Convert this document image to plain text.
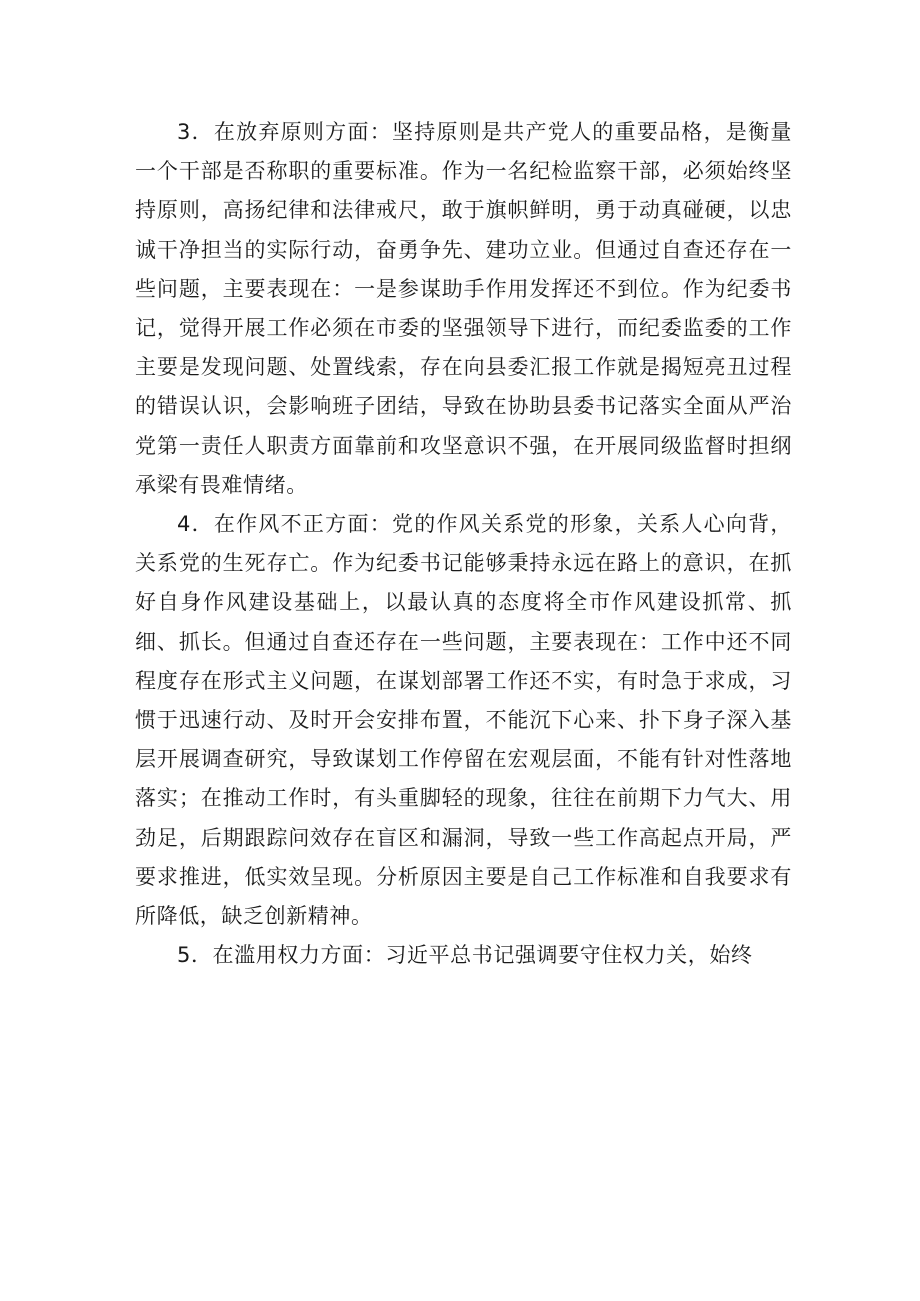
3．在放弃原则方面：坚持原则是共产党人的重要品格，是衡量一个干部是否称职的重要标准。作为一名纪检监察干部，必须始终坚持原则，高扬纪律和法律戒尺，敢于旗帜鲜明，勇于动真碰硬，以忠诚干净担当的实际行动，奋勇争先、建功立业。但通过自查还存在一些问题，主要表现在：一是参谋助手作用发挥还不到位。作为纪委书记，觉得开展工作必须在市委的坚强领导下进行，而纪委监委的工作主要是发现问题、处置线索，存在向县委汇报工作就是揭短亮丑过程的错误认识，会影响班子团结，导致在协助县委书记落实全面从严治党第一责任人职责方面靠前和攻坚意识不强，在开展同级监督时担纲承梁有畏难情绪。

4．在作风不正方面：党的作风关系党的形象，关系人心向背，关系党的生死存亡。作为纪委书记能够秉持永远在路上的意识，在抓好自身作风建设基础上，以最认真的态度将全市作风建设抓常、抓细、抓长。但通过自查还存在一些问题，主要表现在：工作中还不同程度存在形式主义问题，在谋划部署工作还不实，有时急于求成，习惯于迅速行动、及时开会安排布置，不能沉下心来、扑下身子深入基层开展调查研究，导致谋划工作停留在宏观层面，不能有针对性落地落实；在推动工作时，有头重脚轻的现象，往往在前期下力气大、用劲足，后期跟踪问效存在盲区和漏洞，导致一些工作高起点开局，严要求推进，低实效呈现。分析原因主要是自己工作标准和自我要求有所降低，缺乏创新精神。

5．在滥用权力方面：习近平总书记强调要守住权力关，始终
